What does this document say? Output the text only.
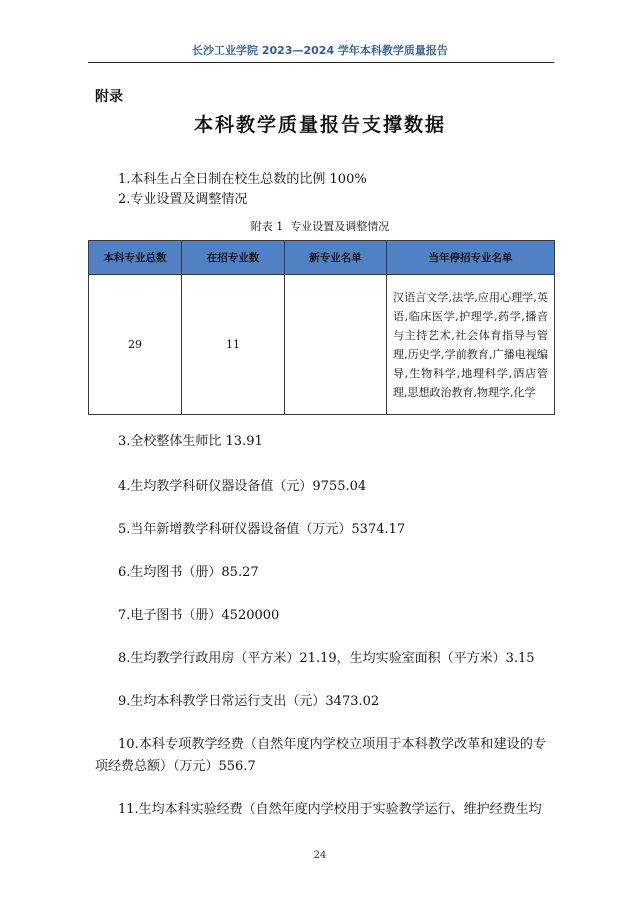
长沙工业学院 2023—2024 学年本科教学质量报告
附录
本科教学质量报告支撑数据
1.本科生占全日制在校生总数的比例 100%
2.专业设置及调整情况
附表 1  专业设置及调整情况
本科专业总数	在招专业数	新专业名单	当年停招专业名单
29	11		汉语言文学,法学,应用心理学,英语,临床医学,护理学,药学,播音与主持艺术,社会体育指导与管理,历史学,学前教育,广播电视编导,生物科学,地理科学,酒店管理,思想政治教育,物理学,化学
3.全校整体生师比 13.91
4.生均教学科研仪器设备值（元）9755.04
5.当年新增教学科研仪器设备值（万元）5374.17
6.生均图书（册）85.27
7.电子图书（册）4520000
8.生均教学行政用房（平方米）21.19，生均实验室面积（平方米）3.15
9.生均本科教学日常运行支出（元）3473.02
10.本科专项教学经费（自然年度内学校立项用于本科教学改革和建设的专项经费总额）（万元）556.7
11.生均本科实验经费（自然年度内学校用于实验教学运行、维护经费生均
24
